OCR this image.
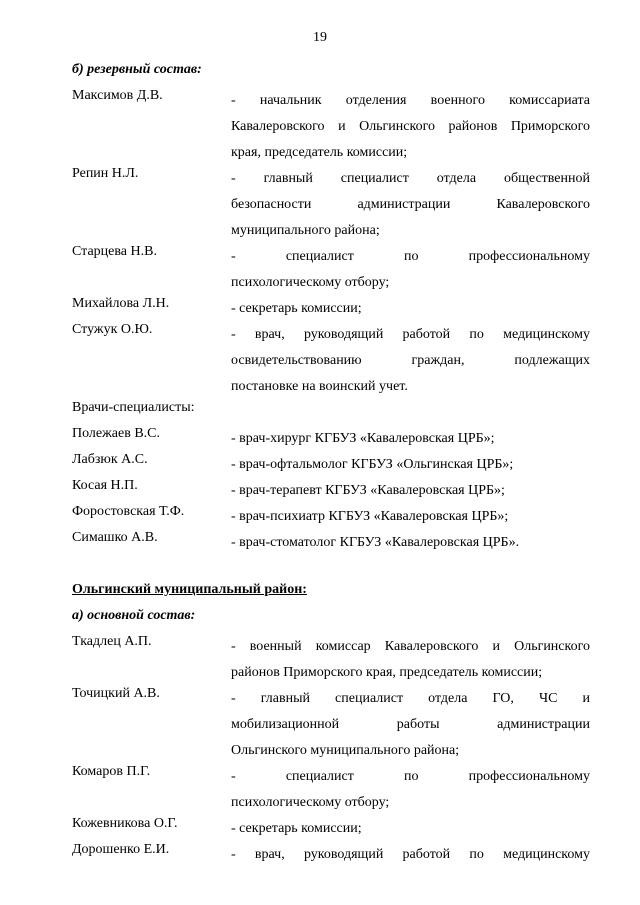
19
б) резервный состав:
Максимов Д.В.	- начальник отделения военного комиссариата

Кавалеровского и Ольгинского районов Приморского

края, председатель комиссии;

Репин Н.Л.	- главный специалист отдела общественной

безопасности администрации Кавалеровского

муниципального района;

Старцева Н.В.	- специалист по профессиональному

психологическому отбору;

Михайлова Л.Н.	- секретарь комиссии;

Стужук О.Ю.	- врач, руководящий работой по медицинскому

освидетельствованию граждан, подлежащих

постановке на воинский учет.

Врачи-специалисты:
Полежаев В.С.	- врач-хирург КГБУЗ «Кавалеровская ЦРБ»;

Лабзюк А.С.	- врач-офтальмолог КГБУЗ «Ольгинская ЦРБ»;

Косая Н.П.	- врач-терапевт КГБУЗ «Кавалеровская ЦРБ»;

Форостовская Т.Ф.	- врач-психиатр КГБУЗ «Кавалеровская ЦРБ»;

Симашко А.В.	- врач-стоматолог КГБУЗ «Кавалеровская ЦРБ».

Ольгинский муниципальный район:
а) основной состав:
Ткадлец А.П.	- военный комиссар Кавалеровского и Ольгинского

районов Приморского края, председатель комиссии;

Точицкий А.В.	- главный специалист отдела ГО, ЧС и

мобилизационной работы администрации

Ольгинского муниципального района;

Комаров П.Г.	- специалист по профессиональному

психологическому отбору;

Кожевникова О.Г.	- секретарь комиссии;

Дорошенко Е.И.	- врач, руководящий работой по медицинскому
